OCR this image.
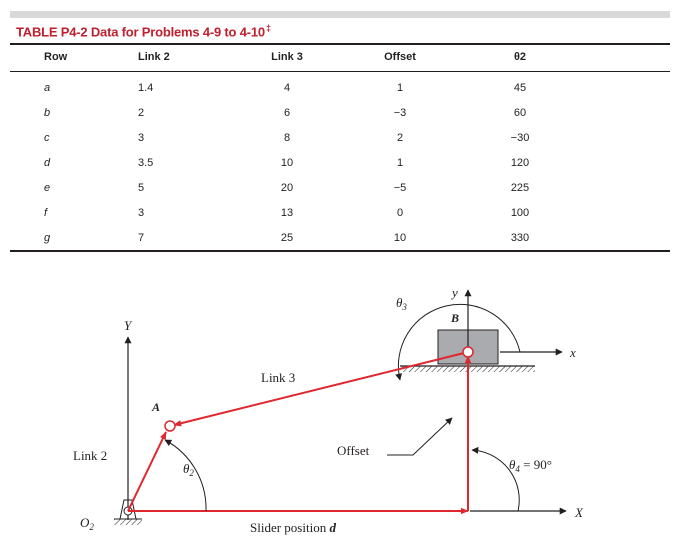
TABLE P4-2 Data for Problems 4-9 to 4-10‡
Row	Link 2	Link 3	Offset	θ2
a	1.4	4	1	45
b	2	6	−3	60
c	3	8	2	−30
d	3.5	10	1	120
e	5	20	−5	225
f	3	13	0	100
g	7	25	10	330
Y
X
$O_2$
B
y
x
$\theta_3$
A
Link 3
Link 2	Offset
Slider position d
$\theta_2$
$\theta_4 = 90^\circ$
